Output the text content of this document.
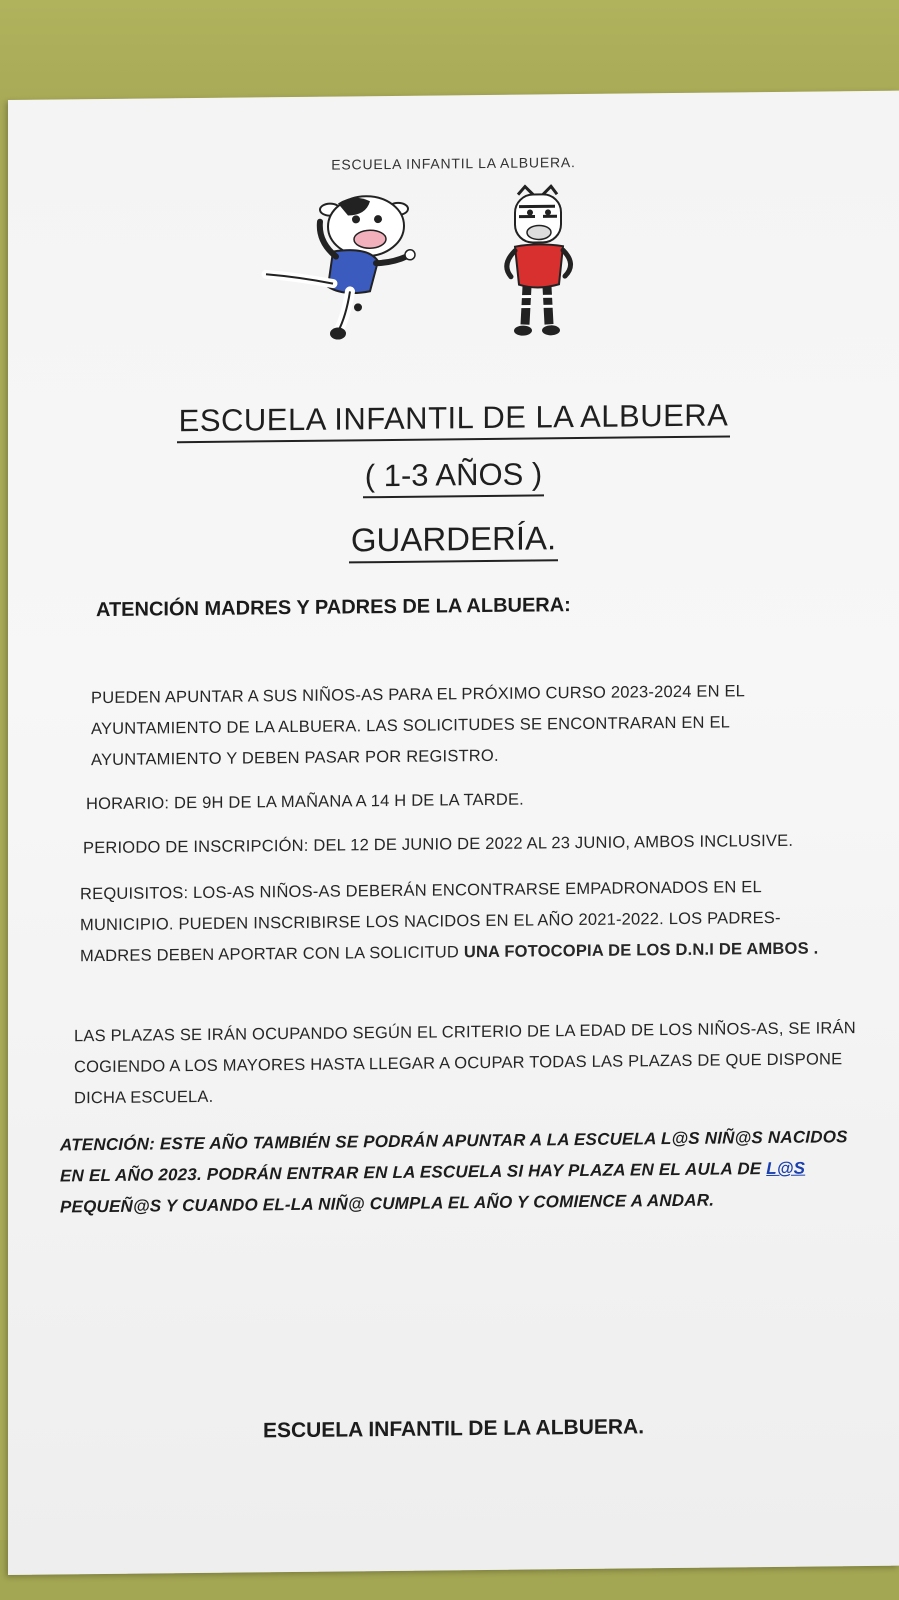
ESCUELA INFANTIL LA ALBUERA.
ESCUELA INFANTIL DE LA ALBUERA
( 1-3 AÑOS )
GUARDERÍA.
ATENCIÓN MADRES Y PADRES DE LA ALBUERA:
PUEDEN APUNTAR A SUS NIÑOS-AS PARA EL PRÓXIMO CURSO 2023-2024 EN EL AYUNTAMIENTO DE LA ALBUERA. LAS SOLICITUDES SE ENCONTRARAN EN EL AYUNTAMIENTO Y DEBEN PASAR POR REGISTRO.
HORARIO: DE 9H DE LA MAÑANA A 14 H DE LA TARDE.
PERIODO DE INSCRIPCIÓN: DEL 12 DE JUNIO DE 2022 AL 23 JUNIO, AMBOS INCLUSIVE.
REQUISITOS: LOS-AS NIÑOS-AS DEBERÁN ENCONTRARSE EMPADRONADOS EN EL MUNICIPIO. PUEDEN INSCRIBIRSE LOS NACIDOS EN EL AÑO 2021-2022. LOS PADRES-MADRES DEBEN APORTAR CON LA SOLICITUD UNA FOTOCOPIA DE LOS D.N.I DE AMBOS .
LAS PLAZAS SE IRÁN OCUPANDO SEGÚN EL CRITERIO DE LA EDAD DE LOS NIÑOS-AS, SE IRÁN COGIENDO A LOS MAYORES HASTA LLEGAR A OCUPAR TODAS LAS PLAZAS DE QUE DISPONE DICHA ESCUELA.
ATENCIÓN: ESTE AÑO TAMBIÉN SE PODRÁN APUNTAR A LA ESCUELA L@S NIÑ@S NACIDOS EN EL AÑO 2023. PODRÁN ENTRAR EN LA ESCUELA SI HAY PLAZA EN EL AULA DE L@S PEQUEÑ@S Y CUANDO EL-LA NIÑ@ CUMPLA EL AÑO Y COMIENCE A ANDAR.
ESCUELA INFANTIL DE LA ALBUERA.
